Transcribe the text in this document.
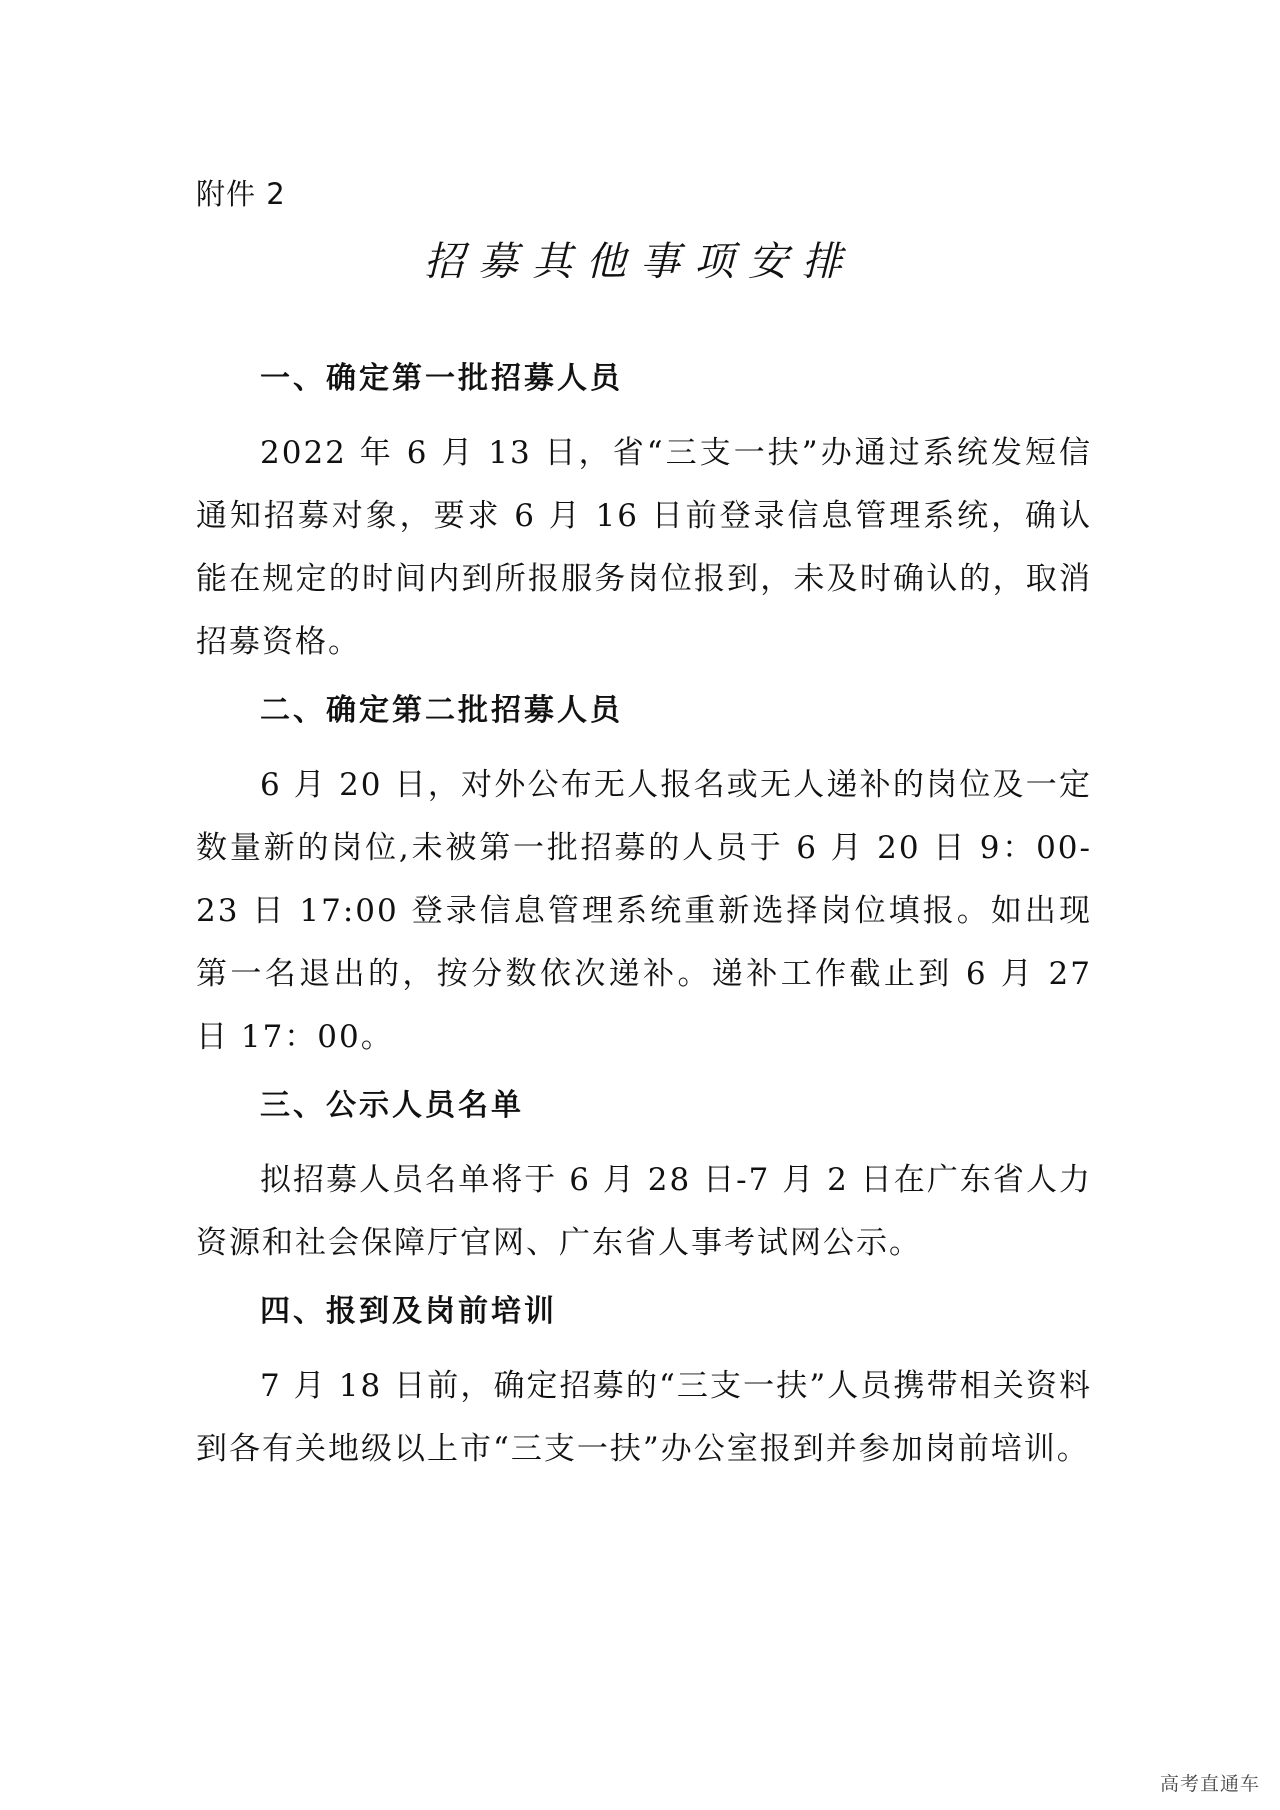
附件 2
招募其他事项安排
一、确定第一批招募人员

2022 年 6 月 13 日，省“三支一扶”办通过系统发短信通知招募对象，要求 6 月 16 日前登录信息管理系统，确认能在规定的时间内到所报服务岗位报到，未及时确认的，取消招募资格。

二、确定第二批招募人员

6 月 20 日，对外公布无人报名或无人递补的岗位及一定数量新的岗位,未被第一批招募的人员于 6 月 20 日 9：00-23 日 17:00 登录信息管理系统重新选择岗位填报。如出现第一名退出的，按分数依次递补。递补工作截止到 6 月 27 日 17：00。

三、公示人员名单

拟招募人员名单将于 6 月 28 日-7 月 2 日在广东省人力资源和社会保障厅官网、广东省人事考试网公示。

四、报到及岗前培训

7 月 18 日前，确定招募的“三支一扶”人员携带相关资料到各有关地级以上市“三支一扶”办公室报到并参加岗前培训。

高考直通车
